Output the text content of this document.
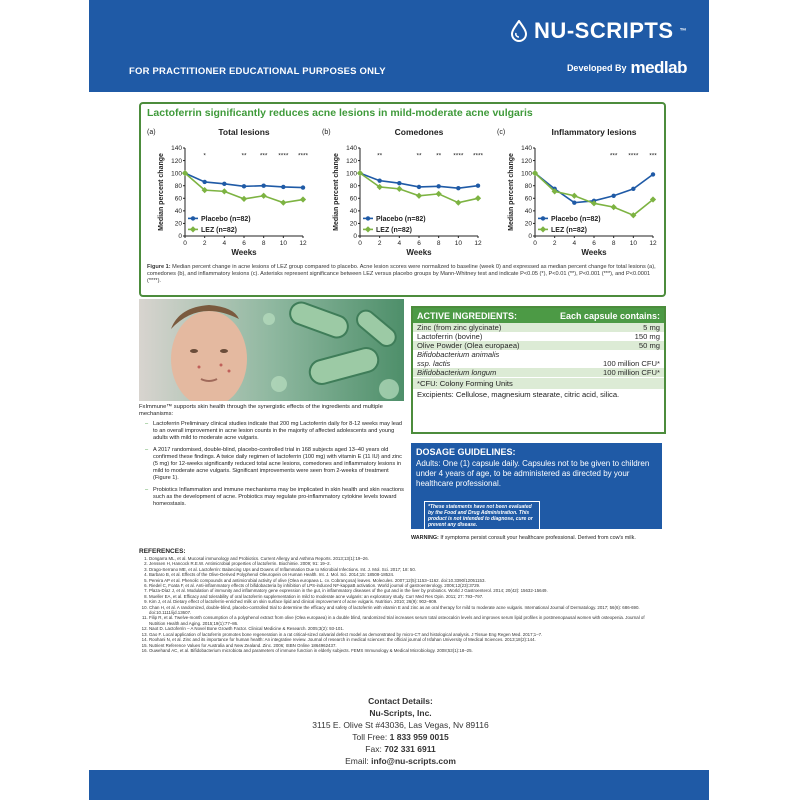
NU-SCRIPTS ™
FOR PRACTITIONER EDUCATIONAL PURPOSES ONLY	Developed By medlab
Lactoferrin significantly reduces acne lesions in mild-moderate acne vulgaris
(a)	Total lesions
0
20
40
60
80
100
120
140
0 2 4 6 8 10 12
Weeks
Median percent change	Placebo (n=82)
LEZ (n=82)
*	** *** **** ****
(b)	Comedones
0
20
40
60
80
100
120
140
0 2 4 6 8 10 12
Weeks
Median percent change	Placebo (n=82)
LEZ (n=82)
**	** ** **** ****
(c)	Inflammatory lesions
0
20
40
60
80
100
120
140
0 2 4 6 8 10 12
Weeks
Median percent change	Placebo (n=82)
LEZ (n=82)
*** **** ***
Figure 1: Median percent change in acne lesions of LEZ group compared to placebo. Acne lesion scores were normalized to baseline (week 0) and expressed as median percent change for total lesions (a), comedones (b), and inflammatory lesions (c). Asterisks represent significance between LEZ versus placebo groups by Mann-Whitney test and indicate P<0.05 (*), P<0.01 (**), P<0.001 (***), and P<0.0001 (****).
FxImmune™ supports skin health through the synergistic effects of the ingredients and multiple mechanisms:
– Lactoferrin Preliminary clinical studies indicate that 200 mg Lactoferrin daily for 8-12 weeks may lead to an overall improvement in acne lesion counts in the majority of affected adolescents and young adults with mild to moderate acne vulgaris.
– A 2017 randomised, double-blind, placebo-controlled trial in 168 subjects aged 13–40 years old confirmed these findings. A twice daily regimen of lactoferrin (100 mg) with vitamin E (11 IU) and zinc (5 mg) for 12-weeks significantly reduced total acne lesions, comedones and inflammatory lesions in mild to moderate acne vulgaris. Significant improvements were seen from 2-weeks of treatment (Figure 1).
– Probiotics Inflammation and immune mechanisms may be implicated in skin health and skin reactions such as the development of acne. Probiotics may regulate pro-inflammatory cytokine levels toward homeostasis.
ACTIVE INGREDIENTS:	Each capsule contains:
Zinc (from zinc glycinate)	5 mg
Lactoferrin (bovine)	150 mg
Olive Powder (Olea europaea)	50 mg
Bifidobacterium animalis
ssp. lactis	100 million CFU*
Bifidobacterium longum	100 million CFU*
*CFU: Colony Forming Units
Excipients: Cellulose, magnesium stearate, citric acid, silica.
DOSAGE GUIDELINES:
Adults: One (1) capsule daily. Capsules not to be given to children under 4 years of age, to be administered as directed by your healthcare professional.
*These statements have not been evaluated by the Food and Drug Administration. This product is not intended to diagnose, cure or prevent any disease.
WARNING: If symptoms persist consult your healthcare professional. Derived from cow's milk.
REFERENCES:
1. Dongarra ML, et al. Mucosal immunology and Probiotics. Current Allergy and Asthma Reports. 2013;13(1):19–26.
2. Jenssen H, Hancock R.E.W. Antimicrobial properties of lactoferrin. Biochimie. 2009; 91: 19–2.
3. Drago-Serrano ME, et al. Lactoferrin: Balancing Ups and Downs of Inflammation Due to Microbial Infections. Int. J. Mol. Sci. 2017; 18: 50.
4. Barbaro B, et al. Effects of the Olive-Derived Polyphenol Oleuropein on Human Health. Int. J. Mol. Sci. 2014;15: 18508-18524.
5. Pereira AP et al. Phenolic compounds and antimicrobial activity of olive (Olea europaea L. cv. Cobrançosa) leaves. Molecules. 2007;12(5):1153–1162. doi:10.3390/12051153.
6. Riedel C, Foata F, et al. Anti-inflammatory effects of bifidobacteria by inhibition of LPS-induced NF-kappaB activation. World journal of gastroenterology. 2006;12(23):3729.
7. Plaza-Díaz J, et al. Modulation of immunity and inflammatory gene expression in the gut, in inflammatory diseases of the gut and in the liver by probiotics. World J Gastroenterol. 2014; 20(42): 15632-15649.
8. Mueller EA, et al. Efficacy and tolerability of oral lactoferrin supplementation in mild to moderate acne vulgaris: an exploratory study. Curr Med Res Opin. 2011; 27: 793–797.
9. Kim J, et al. Dietary effect of lactoferrin-enriched milk on skin surface lipid and clinical improvement of acne vulgaris. Nutrition. 2010; 26(9): 902–909.
10. Chan H, et al. A randomized, double-blind, placebo-controlled trial to determine the efficacy and safety of lactoferrin with vitamin E and zinc as an oral therapy for mild to moderate acne vulgaris. International Journal of Dermatology. 2017; 56(6): 686-690. doi:10.1111/ijd.13607.
11. Filip R, et al. Twelve-month consumption of a polyphenol extract from olive (Olea europaea) in a double blind, randomized trial increases serum total osteocalcin levels and improves serum lipid profiles in postmenopausal women with osteopenia. Journal of Nutrition Health and Aging. 2015;19(1):77–86.
12. Naot D. Lactoferrin – A Novel Bone Growth Factor. Clinical Medicine & Research. 2005;3(2): 93-101.
13. Gao F. Local application of lactoferrin promotes bone regeneration in a rat critical-sized calvarial defect model as demonstrated by micro-CT and histological analysis. J Tissue Eng Regen Med. 2017;1–7.
14. Roohani N, et al. Zinc and its importance for human health: An integrative review. Journal of research in medical sciences: the official journal of Isfahan University of Medical Sciences. 2013;18(2):144.
15. Nutrient Reference Values for Australia and New Zealand. Zinc. 2006; ISBN Online 1864962437.
16. Ouwehand AC, et al. Bifidobacterium microbiota and parameters of immune function in elderly subjects. FEMS Immunology & Medical Microbiology. 2008;53(1):18–25.
Contact Details:
Nu-Scripts, Inc.
3115 E. Olive St #43036, Las Vegas, Nv 89116
Toll Free: 1 833 959 0015
Fax: 702 331 6911
Email: info@nu-scripts.com
